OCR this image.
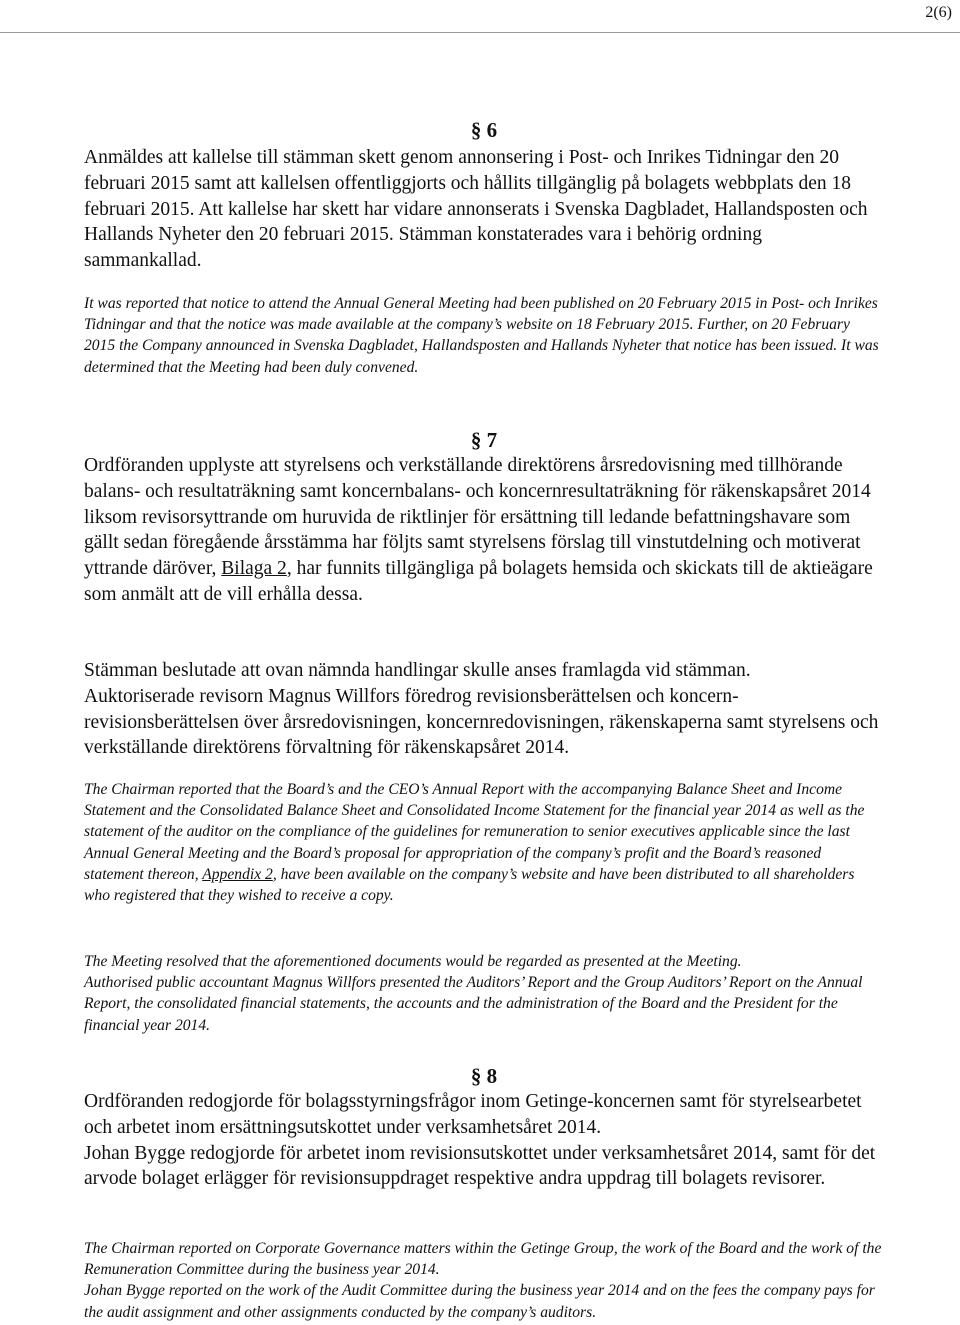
2(6)
§ 6

Anmäldes att kallelse till stämman skett genom annonsering i Post- och Inrikes Tidningar den 20 februari 2015 samt att kallelsen offentliggjorts och hållits tillgänglig på bolagets webbplats den 18 februari 2015. Att kallelse har skett har vidare annonserats i Svenska Dagbladet, Hallandsposten och Hallands Nyheter den 20 februari 2015. Stämman konstaterades vara i behörig ordning sammankallad.

It was reported that notice to attend the Annual General Meeting had been published on 20 February 2015 in Post- och Inrikes Tidningar and that the notice was made available at the company’s website on 18 February 2015. Further, on 20 February 2015 the Company announced in Svenska Dagbladet, Hallandsposten and Hallands Nyheter that notice has been issued. It was determined that the Meeting had been duly convened.

§ 7

Ordföranden upplyste att styrelsens och verkställande direktörens årsredovisning med tillhörande balans- och resultaträkning samt koncernbalans- och koncernresultaträkning för räkenskapsåret 2014 liksom revisorsyttrande om huruvida de riktlinjer för ersättning till ledande befattningshavare som gällt sedan föregående årsstämma har följts samt styrelsens förslag till vinstutdelning och motiverat yttrande däröver, Bilaga 2, har funnits tillgängliga på bolagets hemsida och skickats till de aktieägare som anmält att de vill erhålla dessa.

Stämman beslutade att ovan nämnda handlingar skulle anses framlagda vid stämman.
Auktoriserade revisorn Magnus Willfors föredrog revisionsberättelsen och koncern-revisionsberättelsen över årsredovisningen, koncernredovisningen, räkenskaperna samt styrelsens och verkställande direktörens förvaltning för räkenskapsåret 2014.

The Chairman reported that the Board’s and the CEO’s Annual Report with the accompanying Balance Sheet and Income Statement and the Consolidated Balance Sheet and Consolidated Income Statement for the financial year 2014 as well as the statement of the auditor on the compliance of the guidelines for remuneration to senior executives applicable since the last Annual General Meeting and the Board’s proposal for appropriation of the company’s profit and the Board’s reasoned statement thereon, Appendix 2, have been available on the company’s website and have been distributed to all shareholders who registered that they wished to receive a copy.

The Meeting resolved that the aforementioned documents would be regarded as presented at the Meeting.
Authorised public accountant Magnus Willfors presented the Auditors’ Report and the Group Auditors’ Report on the Annual Report, the consolidated financial statements, the accounts and the administration of the Board and the President for the financial year 2014.

§ 8

Ordföranden redogjorde för bolagsstyrningsfrågor inom Getinge-koncernen samt för styrelsearbetet och arbetet inom ersättningsutskottet under verksamhetsåret 2014.
Johan Bygge redogjorde för arbetet inom revisionsutskottet under verksamhetsåret 2014, samt för det arvode bolaget erlägger för revisionsuppdraget respektive andra uppdrag till bolagets revisorer.

The Chairman reported on Corporate Governance matters within the Getinge Group, the work of the Board and the work of the Remuneration Committee during the business year 2014.
Johan Bygge reported on the work of the Audit Committee during the business year 2014 and on the fees the company pays for the audit assignment and other assignments conducted by the company’s auditors.
